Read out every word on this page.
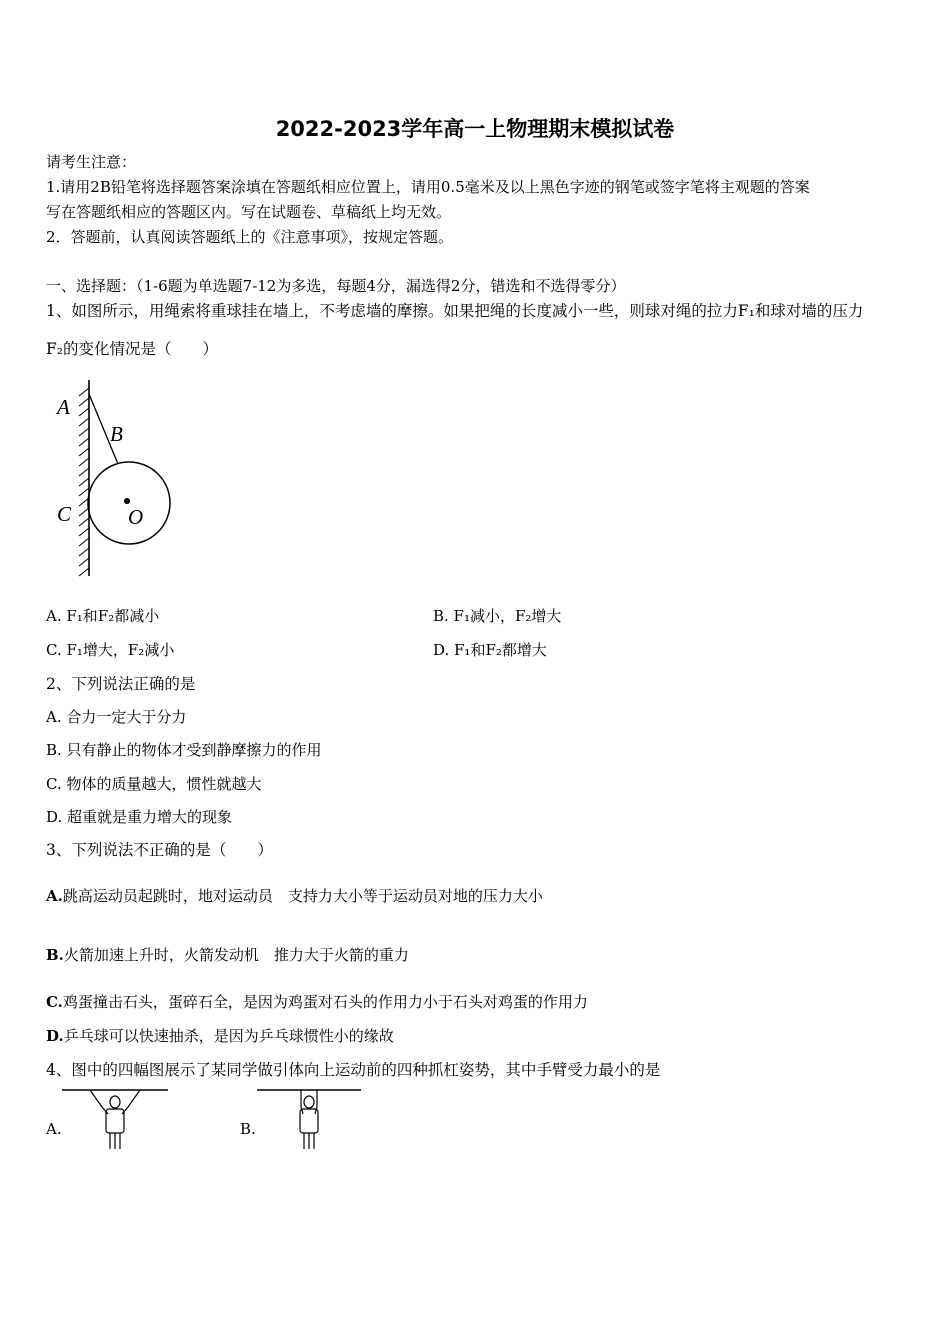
2022-2023学年高一上物理期末模拟试卷
请考生注意：
1.请用2B铅笔将选择题答案涂填在答题纸相应位置上，请用0.5毫米及以上黑色字迹的钢笔或签字笔将主观题的答案
写在答题纸相应的答题区内。写在试题卷、草稿纸上均无效。
2．答题前，认真阅读答题纸上的《注意事项》，按规定答题。
一、选择题：（1-6题为单选题7-12为多选，每题4分，漏选得2分，错选和不选得零分）
1、如图所示，用绳索将重球挂在墙上，不考虑墙的摩擦。如果把绳的长度减小一些，则球对绳的拉力F₁和球对墙的压力
F₂的变化情况是（　　）
A
B
C	O
A. F₁和F₂都减小	B. F₁减小，F₂增大
C. F₁增大，F₂减小	D. F₁和F₂都增大
2、下列说法正确的是
A. 合力一定大于分力
B. 只有静止的物体才受到静摩擦力的作用
C. 物体的质量越大，惯性就越大
D. 超重就是重力增大的现象
3、下列说法不正确的是（　　）
A.跳高运动员起跳时，地对运动员　支持力大小等于运动员对地的压力大小
B.火箭加速上升时，火箭发动机　推力大于火箭的重力
C.鸡蛋撞击石头，蛋碎石全，是因为鸡蛋对石头的作用力小于石头对鸡蛋的作用力
D.乒乓球可以快速抽杀，是因为乒乓球惯性小的缘故
4、图中的四幅图展示了某同学做引体向上运动前的四种抓杠姿势，其中手臂受力最小的是
A.	B.
